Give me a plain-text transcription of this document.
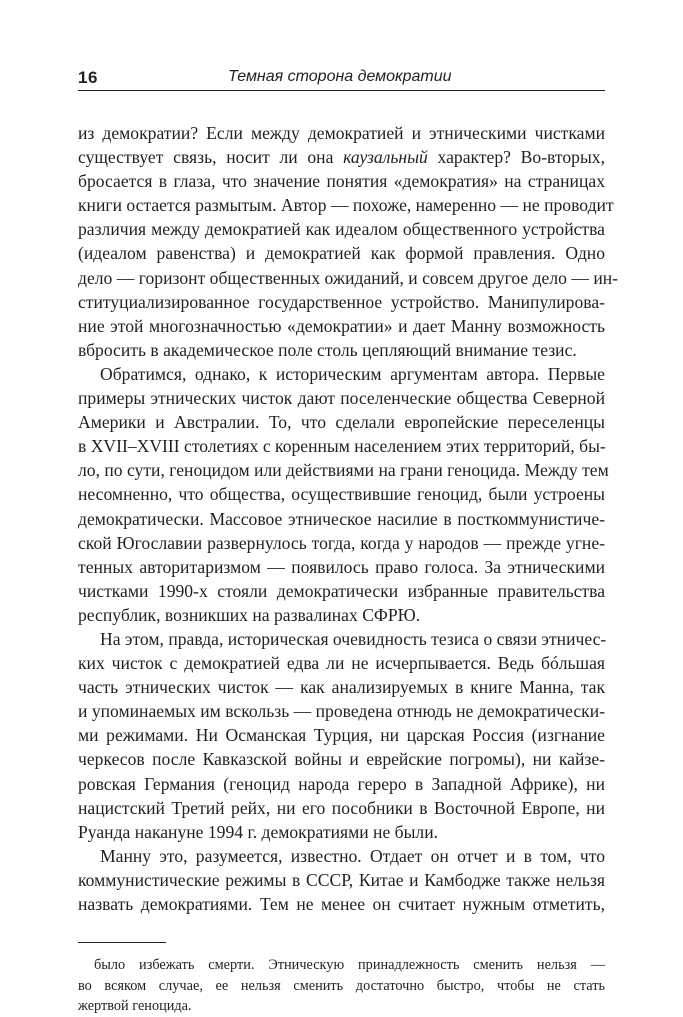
16	Темная сторона демократии
из демократии? Если между демократией и этническими чистками
существует связь, носит ли она каузальный характер? Во-вторых,
бросается в глаза, что значение понятия «демократия» на страницах
книги остается размытым. Автор — похоже, намеренно — не проводит
различия между демократией как идеалом общественного устройства
(идеалом равенства) и демократией как формой правления. Одно
дело — горизонт общественных ожиданий, и совсем другое дело — ин-
ституциализированное государственное устройство. Манипулирова-
ние этой многозначностью «демократии» и дает Манну возможность
вбросить в академическое поле столь цепляющий внимание тезис.
Обратимся, однако, к историческим аргументам автора. Первые
примеры этнических чисток дают поселенческие общества Северной
Америки и Австралии. То, что сделали европейские переселенцы
в XVII–XVIII столетиях с коренным населением этих территорий, бы-
ло, по сути, геноцидом или действиями на грани геноцида. Между тем
несомненно, что общества, осуществившие геноцид, были устроены
демократически. Массовое этническое насилие в посткоммунистиче-
ской Югославии развернулось тогда, когда у народов — прежде угне-
тенных авторитаризмом — появилось право голоса. За этническими
чистками 1990-х стояли демократически избранные правительства
республик, возникших на развалинах СФРЮ.
На этом, правда, историческая очевидность тезиса о связи этничес-
ких чисток с демократией едва ли не исчерпывается. Ведь бóльшая
часть этнических чисток — как анализируемых в книге Манна, так
и упоминаемых им вскользь — проведена отнюдь не демократически-
ми режимами. Ни Османская Турция, ни царская Россия (изгнание
черкесов после Кавказской войны и еврейские погромы), ни кайзе-
ровская Германия (геноцид народа гереро в Западной Африке), ни
нацистский Третий рейх, ни его пособники в Восточной Европе, ни
Руанда накануне 1994 г. демократиями не были.
Манну это, разумеется, известно. Отдает он отчет и в том, что
коммунистические режимы в СССР, Китае и Камбодже также нельзя
назвать демократиями. Тем не менее он считает нужным отметить,
было избежать смерти. Этническую принадлежность сменить нельзя —
во всяком случае, ее нельзя сменить достаточно быстро, чтобы не стать
жертвой геноцида.
